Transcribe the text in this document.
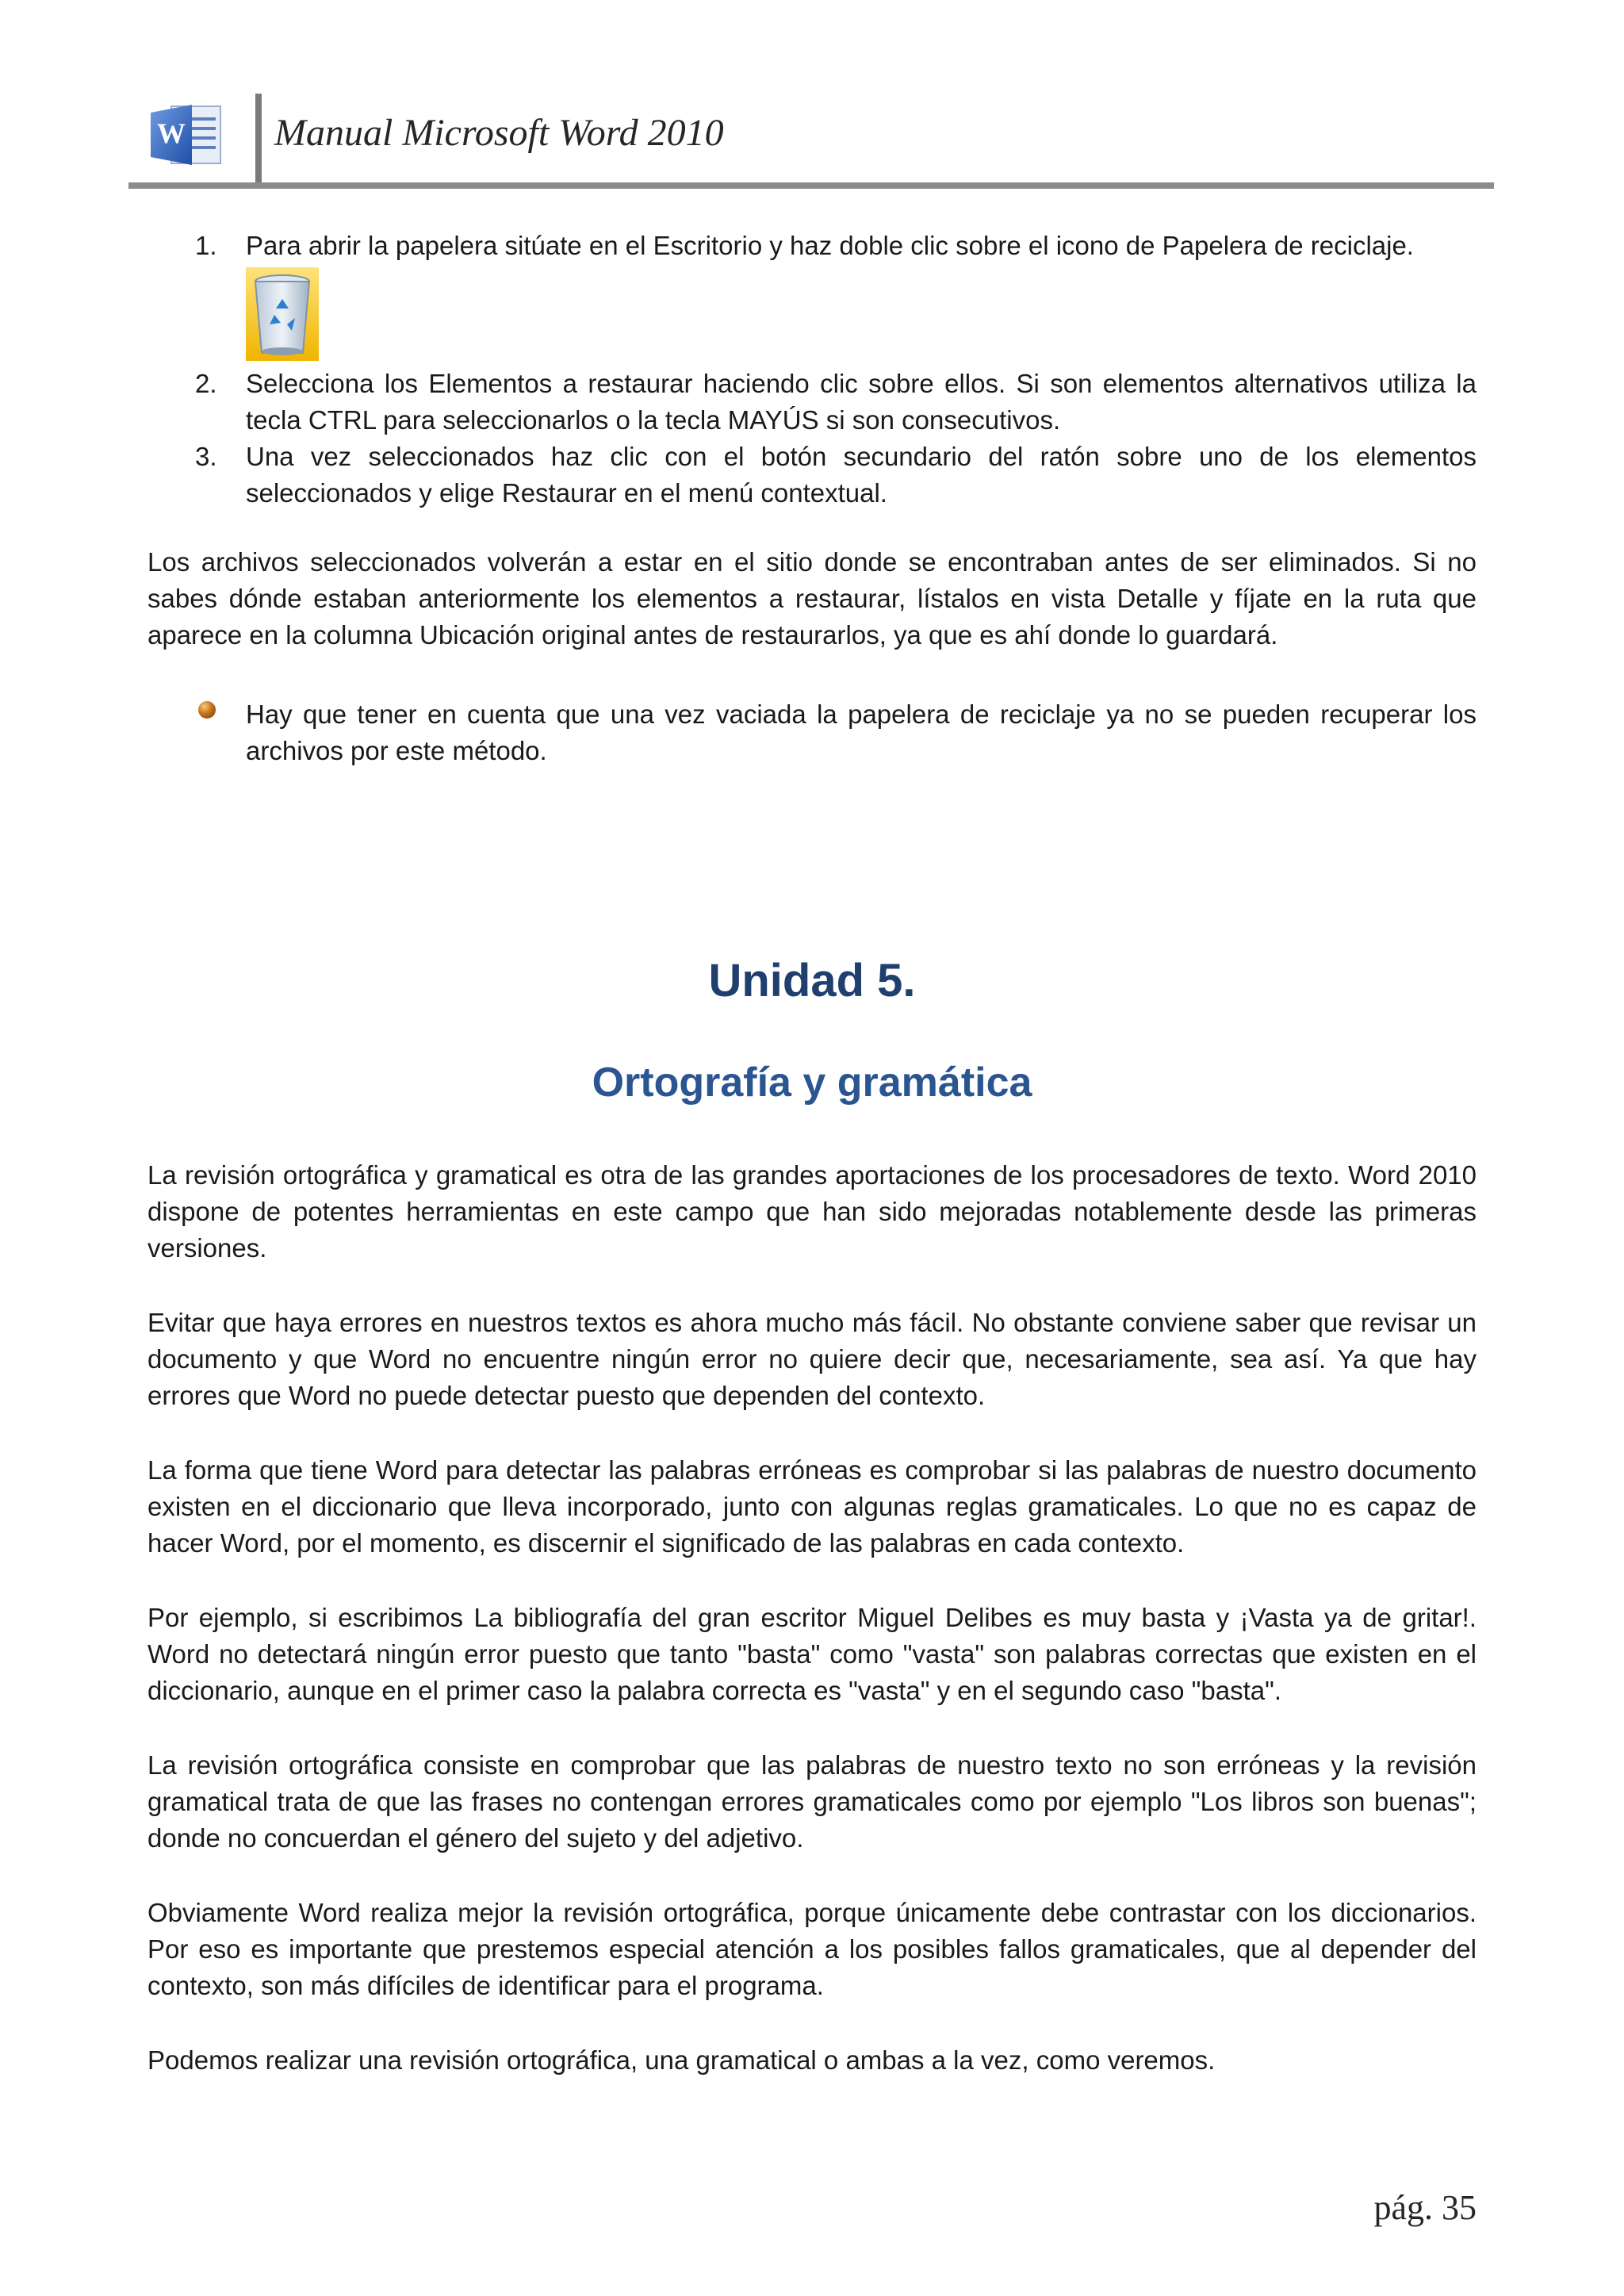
W Manual Microsoft Word 2010
1. Para abrir la papelera sitúate en el Escritorio y haz doble clic sobre el icono de Papelera de reciclaje.
2. Selecciona los Elementos a restaurar haciendo clic sobre ellos. Si son elementos alternativos utiliza la tecla CTRL para seleccionarlos o la tecla MAYÚS si son consecutivos.
3. Una vez seleccionados haz clic con el botón secundario del ratón sobre uno de los elementos seleccionados y elige Restaurar en el menú contextual.

Los archivos seleccionados volverán a estar en el sitio donde se encontraban antes de ser eliminados. Si no sabes dónde estaban anteriormente los elementos a restaurar, lístalos en vista Detalle y fíjate en la ruta que aparece en la columna Ubicación original antes de restaurarlos, ya que es ahí donde lo guardará.

Hay que tener en cuenta que una vez vaciada la papelera de reciclaje ya no se pueden recuperar los archivos por este método.
Unidad 5.
Ortografía y gramática

La revisión ortográfica y gramatical es otra de las grandes aportaciones de los procesadores de texto. Word 2010 dispone de potentes herramientas en este campo que han sido mejoradas notablemente desde las primeras versiones.

Evitar que haya errores en nuestros textos es ahora mucho más fácil. No obstante conviene saber que revisar un documento y que Word no encuentre ningún error no quiere decir que, necesariamente, sea así. Ya que hay errores que Word no puede detectar puesto que dependen del contexto.

La forma que tiene Word para detectar las palabras erróneas es comprobar si las palabras de nuestro documento existen en el diccionario que lleva incorporado, junto con algunas reglas gramaticales. Lo que no es capaz de hacer Word, por el momento, es discernir el significado de las palabras en cada contexto.

Por ejemplo, si escribimos La bibliografía del gran escritor Miguel Delibes es muy basta y ¡Vasta ya de gritar!. Word no detectará ningún error puesto que tanto "basta" como "vasta" son palabras correctas que existen en el diccionario, aunque en el primer caso la palabra correcta es "vasta" y en el segundo caso "basta".

La revisión ortográfica consiste en comprobar que las palabras de nuestro texto no son erróneas y la revisión gramatical trata de que las frases no contengan errores gramaticales como por ejemplo "Los libros son buenas"; donde no concuerdan el género del sujeto y del adjetivo.

Obviamente Word realiza mejor la revisión ortográfica, porque únicamente debe contrastar con los diccionarios. Por eso es importante que prestemos especial atención a los posibles fallos gramaticales, que al depender del contexto, son más difíciles de identificar para el programa.

Podemos realizar una revisión ortográfica, una gramatical o ambas a la vez, como veremos.

pág. 35
